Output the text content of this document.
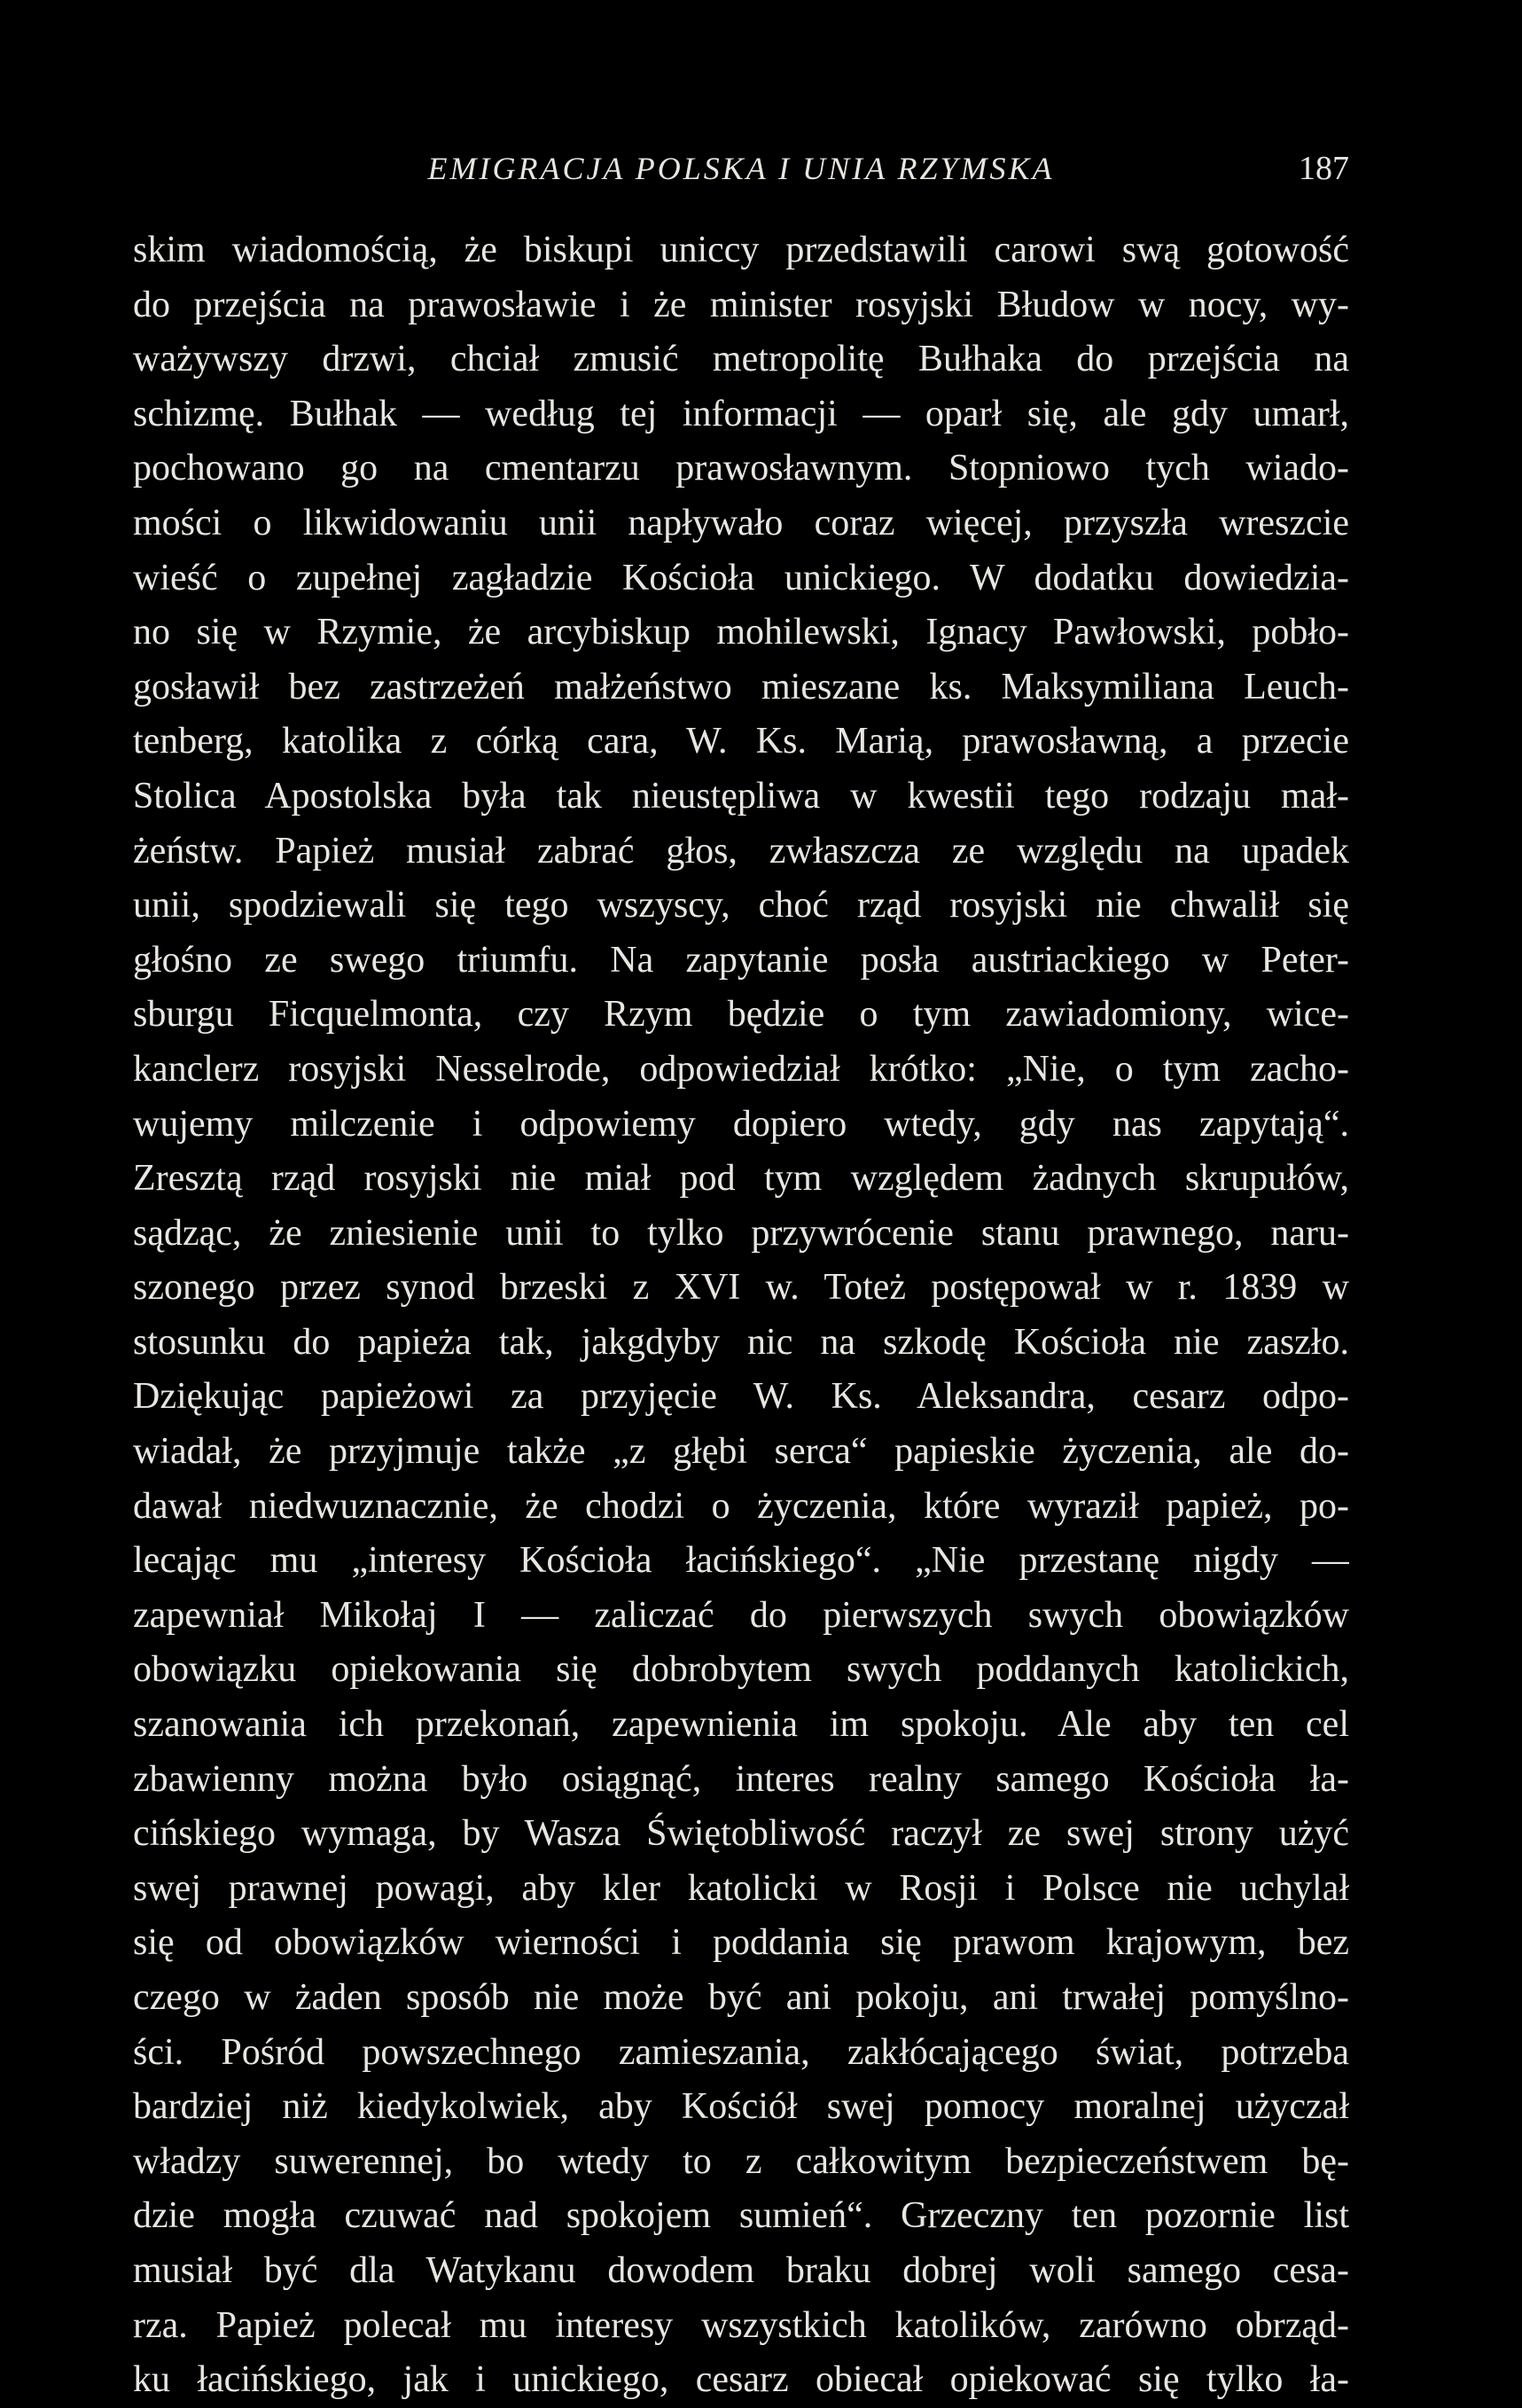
EMIGRACJA POLSKA I UNIA RZYMSKA	187
skim wiadomością, że biskupi uniccy przedstawili carowi swą gotowość
do przejścia na prawosławie i że minister rosyjski Błudow w nocy, wy-
ważywszy drzwi, chciał zmusić metropolitę Bułhaka do przejścia na
schizmę. Bułhak — według tej informacji — oparł się, ale gdy umarł,
pochowano go na cmentarzu prawosławnym. Stopniowo tych wiado-
mości o likwidowaniu unii napływało coraz więcej, przyszła wreszcie
wieść o zupełnej zagładzie Kościoła unickiego. W dodatku dowiedzia-
no się w Rzymie, że arcybiskup mohilewski, Ignacy Pawłowski, pobło-
gosławił bez zastrzeżeń małżeństwo mieszane ks. Maksymiliana Leuch-
tenberg, katolika z córką cara, W. Ks. Marią, prawosławną, a przecie
Stolica Apostolska była tak nieustępliwa w kwestii tego rodzaju mał-
żeństw. Papież musiał zabrać głos, zwłaszcza ze względu na upadek
unii, spodziewali się tego wszyscy, choć rząd rosyjski nie chwalił się
głośno ze swego triumfu. Na zapytanie posła austriackiego w Peter-
sburgu Ficquelmonta, czy Rzym będzie o tym zawiadomiony, wice-
kanclerz rosyjski Nesselrode, odpowiedział krótko: „Nie, o tym zacho-
wujemy milczenie i odpowiemy dopiero wtedy, gdy nas zapytają“.
Zresztą rząd rosyjski nie miał pod tym względem żadnych skrupułów,
sądząc, że zniesienie unii to tylko przywrócenie stanu prawnego, naru-
szonego przez synod brzeski z XVI w. Toteż postępował w r. 1839 w
stosunku do papieża tak, jakgdyby nic na szkodę Kościoła nie zaszło.
Dziękując papieżowi za przyjęcie W. Ks. Aleksandra, cesarz odpo-
wiadał, że przyjmuje także „z głębi serca“ papieskie życzenia, ale do-
dawał niedwuznacznie, że chodzi o życzenia, które wyraził papież, po-
lecając mu „interesy Kościoła łacińskiego“. „Nie przestanę nigdy —
zapewniał Mikołaj I — zaliczać do pierwszych swych obowiązków
obowiązku opiekowania się dobrobytem swych poddanych katolickich,
szanowania ich przekonań, zapewnienia im spokoju. Ale aby ten cel
zbawienny można było osiągnąć, interes realny samego Kościoła ła-
cińskiego wymaga, by Wasza Świętobliwość raczył ze swej strony użyć
swej prawnej powagi, aby kler katolicki w Rosji i Polsce nie uchylał
się od obowiązków wierności i poddania się prawom krajowym, bez
czego w żaden sposób nie może być ani pokoju, ani trwałej pomyślno-
ści. Pośród powszechnego zamieszania, zakłócającego świat, potrzeba
bardziej niż kiedykolwiek, aby Kościół swej pomocy moralnej użyczał
władzy suwerennej, bo wtedy to z całkowitym bezpieczeństwem bę-
dzie mogła czuwać nad spokojem sumień“. Grzeczny ten pozornie list
musiał być dla Watykanu dowodem braku dobrej woli samego cesa-
rza. Papież polecał mu interesy wszystkich katolików, zarówno obrząd-
ku łacińskiego, jak i unickiego, cesarz obiecał opiekować się tylko ła-
